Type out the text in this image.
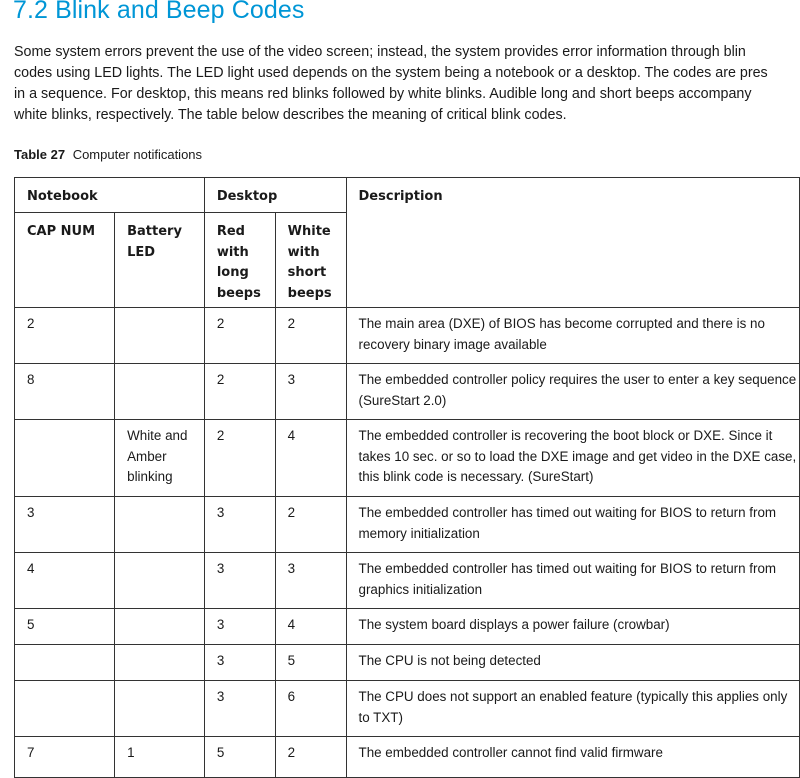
7.2 Blink and Beep Codes
Some system errors prevent the use of the video screen; instead, the system provides error information through blin
codes using LED lights. The LED light used depends on the system being a notebook or a desktop. The codes are pres
in a sequence. For desktop, this means red blinks followed by white blinks. Audible long and short beeps accompany
white blinks, respectively. The table below describes the meaning of critical blink codes.
Table 27 Computer notifications
Notebook		Desktop		Description

CAP NUM	Battery LED	Red with long beeps	White with short beeps	

2		2	2	The main area (DXE) of BIOS has become corrupted and there is no recovery binary image available

8		2	3	The embedded controller policy requires the user to enter a key sequence (SureStart 2.0)

	White and Amber blinking	2	4	The embedded controller is recovering the boot block or DXE. Since it takes 10 sec. or so to load the DXE image and get video in the DXE case, this blink code is necessary. (SureStart)

3		3	2	The embedded controller has timed out waiting for BIOS to return from memory initialization

4		3	3	The embedded controller has timed out waiting for BIOS to return from graphics initialization

5		3	4	The system board displays a power failure (crowbar)

		3	5	The CPU is not being detected

		3	6	The CPU does not support an enabled feature (typically this applies only to TXT)

7	1	5	2	The embedded controller cannot find valid firmware
